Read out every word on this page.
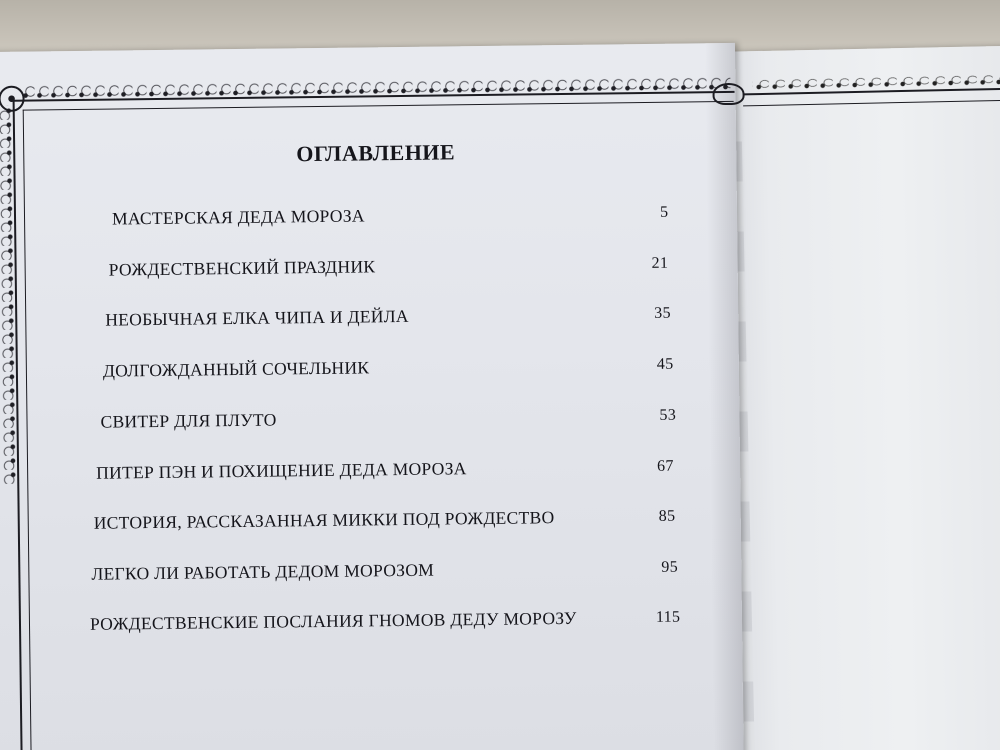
ОГЛАВЛЕНИЕ
МАСТЕРСКАЯ ДЕДА МОРОЗА	5
РОЖДЕСТВЕНСКИЙ ПРАЗДНИК	21
НЕОБЫЧНАЯ ЕЛКА ЧИПА И ДЕЙЛА	35
ДОЛГОЖДАННЫЙ СОЧЕЛЬНИК	45
СВИТЕР ДЛЯ ПЛУТО	53
ПИТЕР ПЭН И ПОХИЩЕНИЕ ДЕДА МОРОЗА	67
ИСТОРИЯ, РАССКАЗАННАЯ МИККИ ПОД РОЖДЕСТВО	85
ЛЕГКО ЛИ РАБОТАТЬ ДЕДОМ МОРОЗОМ	95
РОЖДЕСТВЕНСКИЕ ПОСЛАНИЯ ГНОМОВ ДЕДУ МОРОЗУ	115
